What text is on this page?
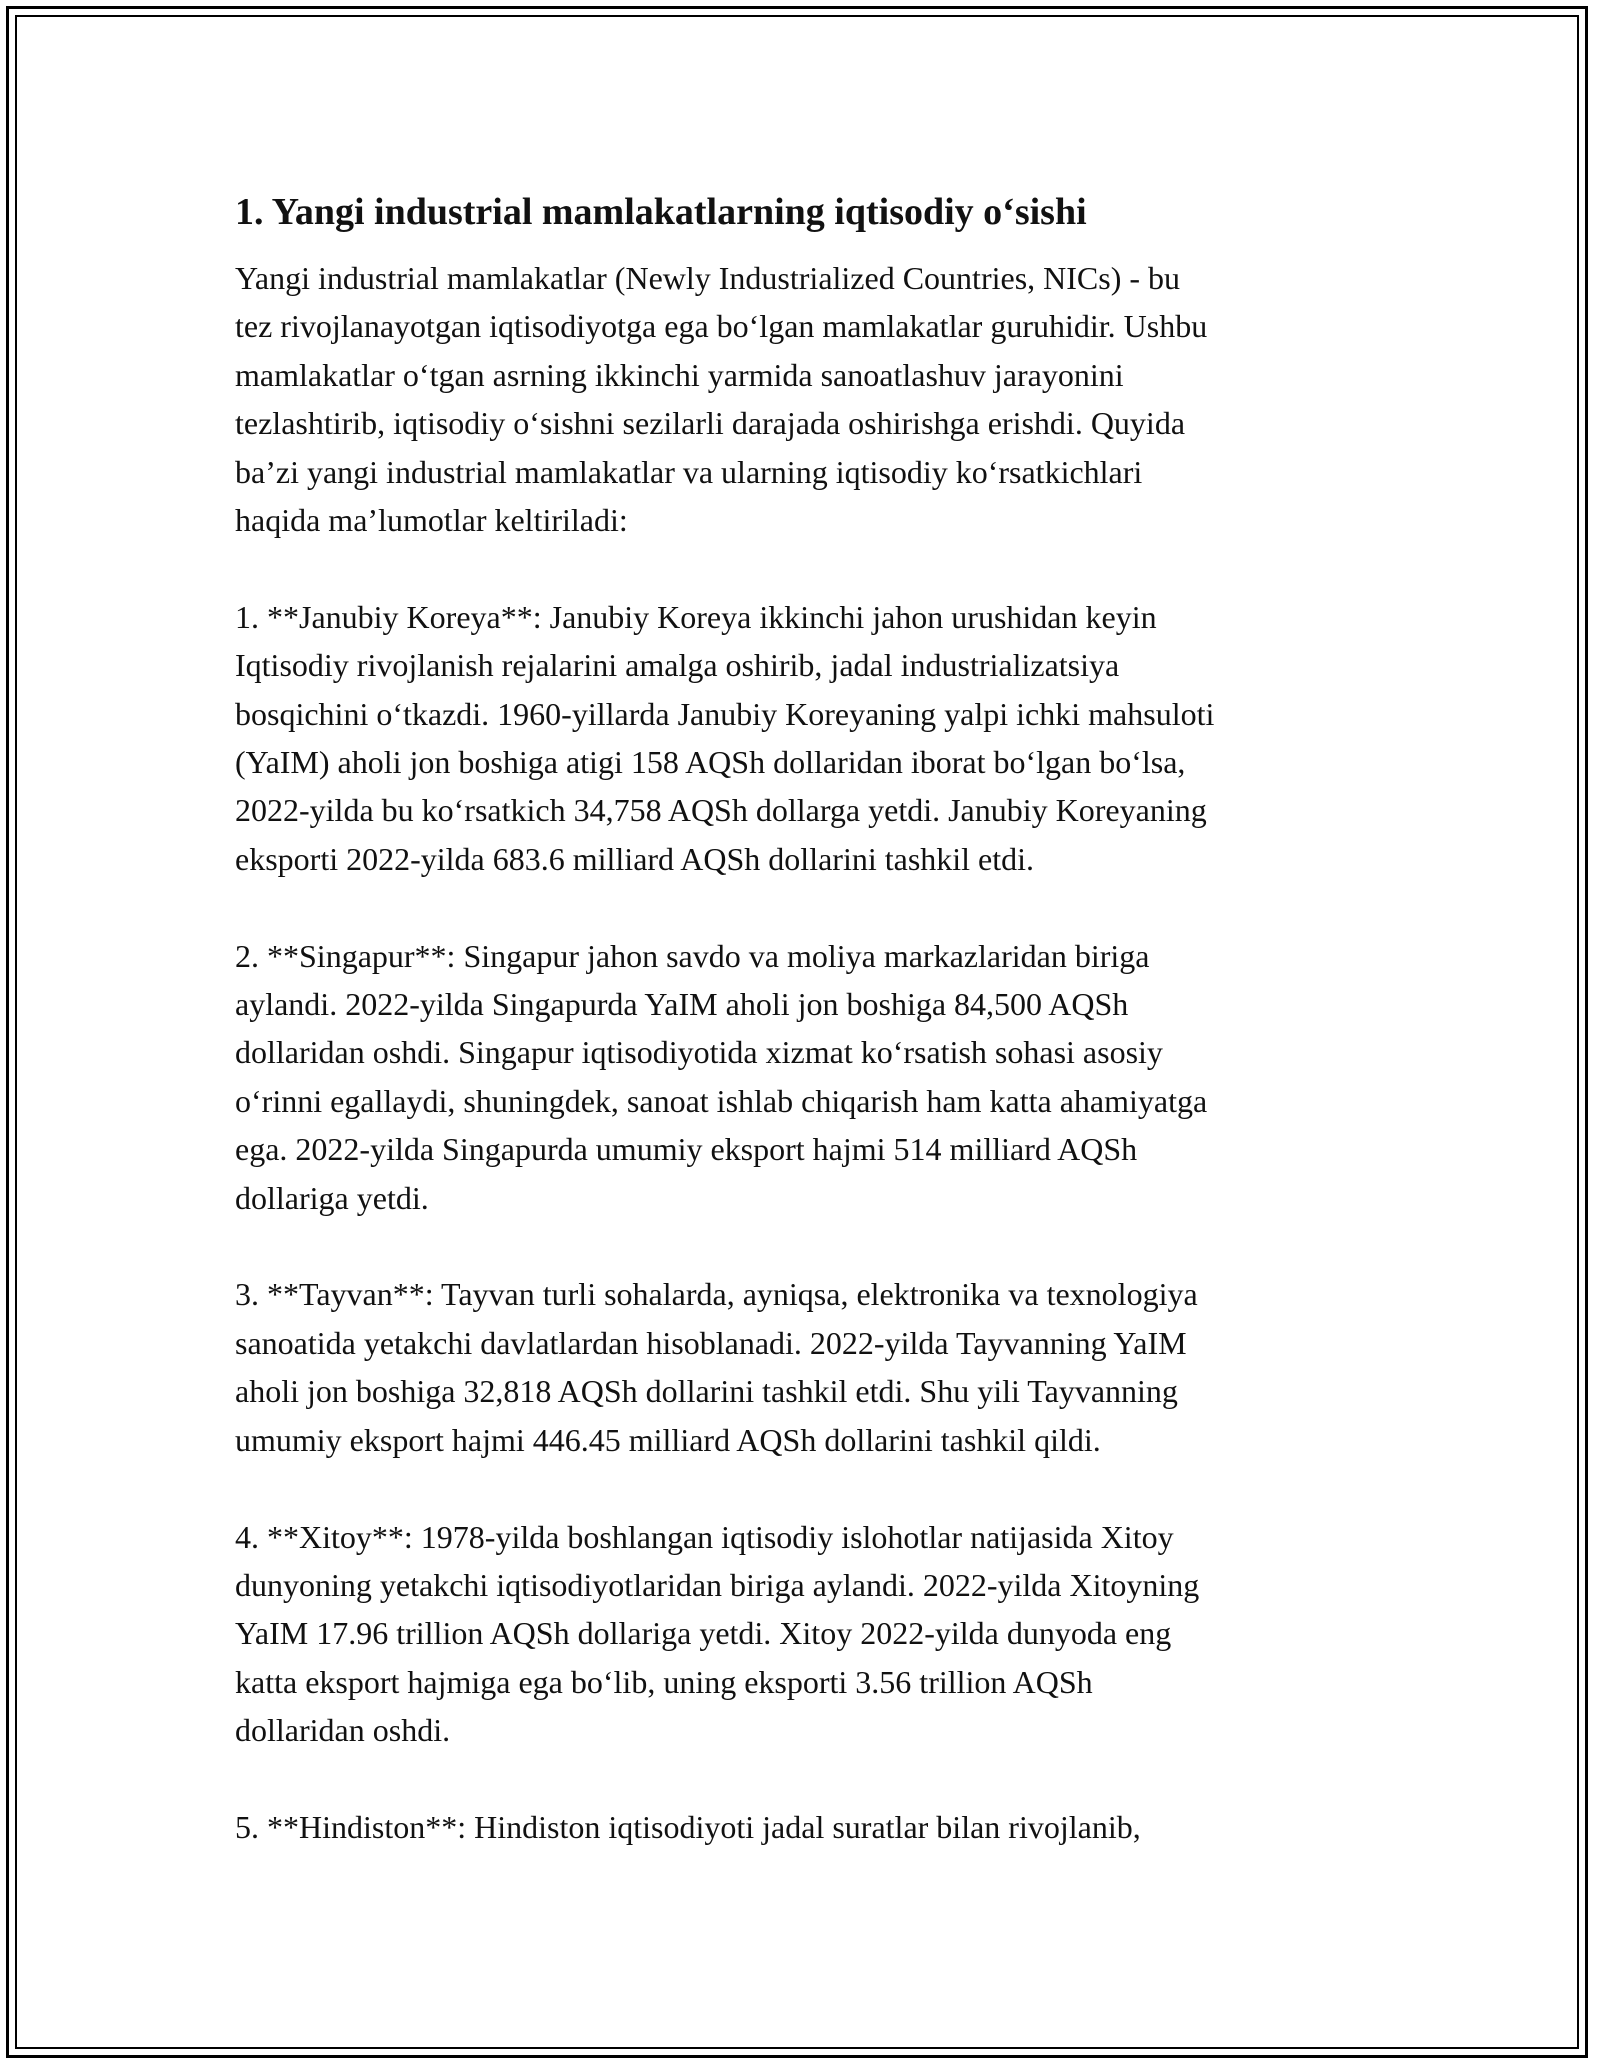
1. Yangi industrial mamlakatlarning iqtisodiy o‘sishi
Yangi industrial mamlakatlar (Newly Industrialized Countries, NICs) - bu
tez rivojlanayotgan iqtisodiyotga ega bo‘lgan mamlakatlar guruhidir. Ushbu
mamlakatlar o‘tgan asrning ikkinchi yarmida sanoatlashuv jarayonini
tezlashtirib, iqtisodiy o‘sishni sezilarli darajada oshirishga erishdi. Quyida
ba’zi yangi industrial mamlakatlar va ularning iqtisodiy ko‘rsatkichlari
haqida ma’lumotlar keltiriladi:
1. **Janubiy Koreya**: Janubiy Koreya ikkinchi jahon urushidan keyin
Iqtisodiy rivojlanish rejalarini amalga oshirib, jadal industrializatsiya
bosqichini o‘tkazdi. 1960-yillarda Janubiy Koreyaning yalpi ichki mahsuloti
(YaIM) aholi jon boshiga atigi 158 AQSh dollaridan iborat bo‘lgan bo‘lsa,
2022-yilda bu ko‘rsatkich 34,758 AQSh dollarga yetdi. Janubiy Koreyaning
eksporti 2022-yilda 683.6 milliard AQSh dollarini tashkil etdi.
2. **Singapur**: Singapur jahon savdo va moliya markazlaridan biriga
aylandi. 2022-yilda Singapurda YaIM aholi jon boshiga 84,500 AQSh
dollaridan oshdi. Singapur iqtisodiyotida xizmat ko‘rsatish sohasi asosiy
o‘rinni egallaydi, shuningdek, sanoat ishlab chiqarish ham katta ahamiyatga
ega. 2022-yilda Singapurda umumiy eksport hajmi 514 milliard AQSh
dollariga yetdi.
3. **Tayvan**: Tayvan turli sohalarda, ayniqsa, elektronika va texnologiya
sanoatida yetakchi davlatlardan hisoblanadi. 2022-yilda Tayvanning YaIM
aholi jon boshiga 32,818 AQSh dollarini tashkil etdi. Shu yili Tayvanning
umumiy eksport hajmi 446.45 milliard AQSh dollarini tashkil qildi.
4. **Xitoy**: 1978-yilda boshlangan iqtisodiy islohotlar natijasida Xitoy
dunyoning yetakchi iqtisodiyotlaridan biriga aylandi. 2022-yilda Xitoyning
YaIM 17.96 trillion AQSh dollariga yetdi. Xitoy 2022-yilda dunyoda eng
katta eksport hajmiga ega bo‘lib, uning eksporti 3.56 trillion AQSh
dollaridan oshdi.
5. **Hindiston**: Hindiston iqtisodiyoti jadal suratlar bilan rivojlanib,
